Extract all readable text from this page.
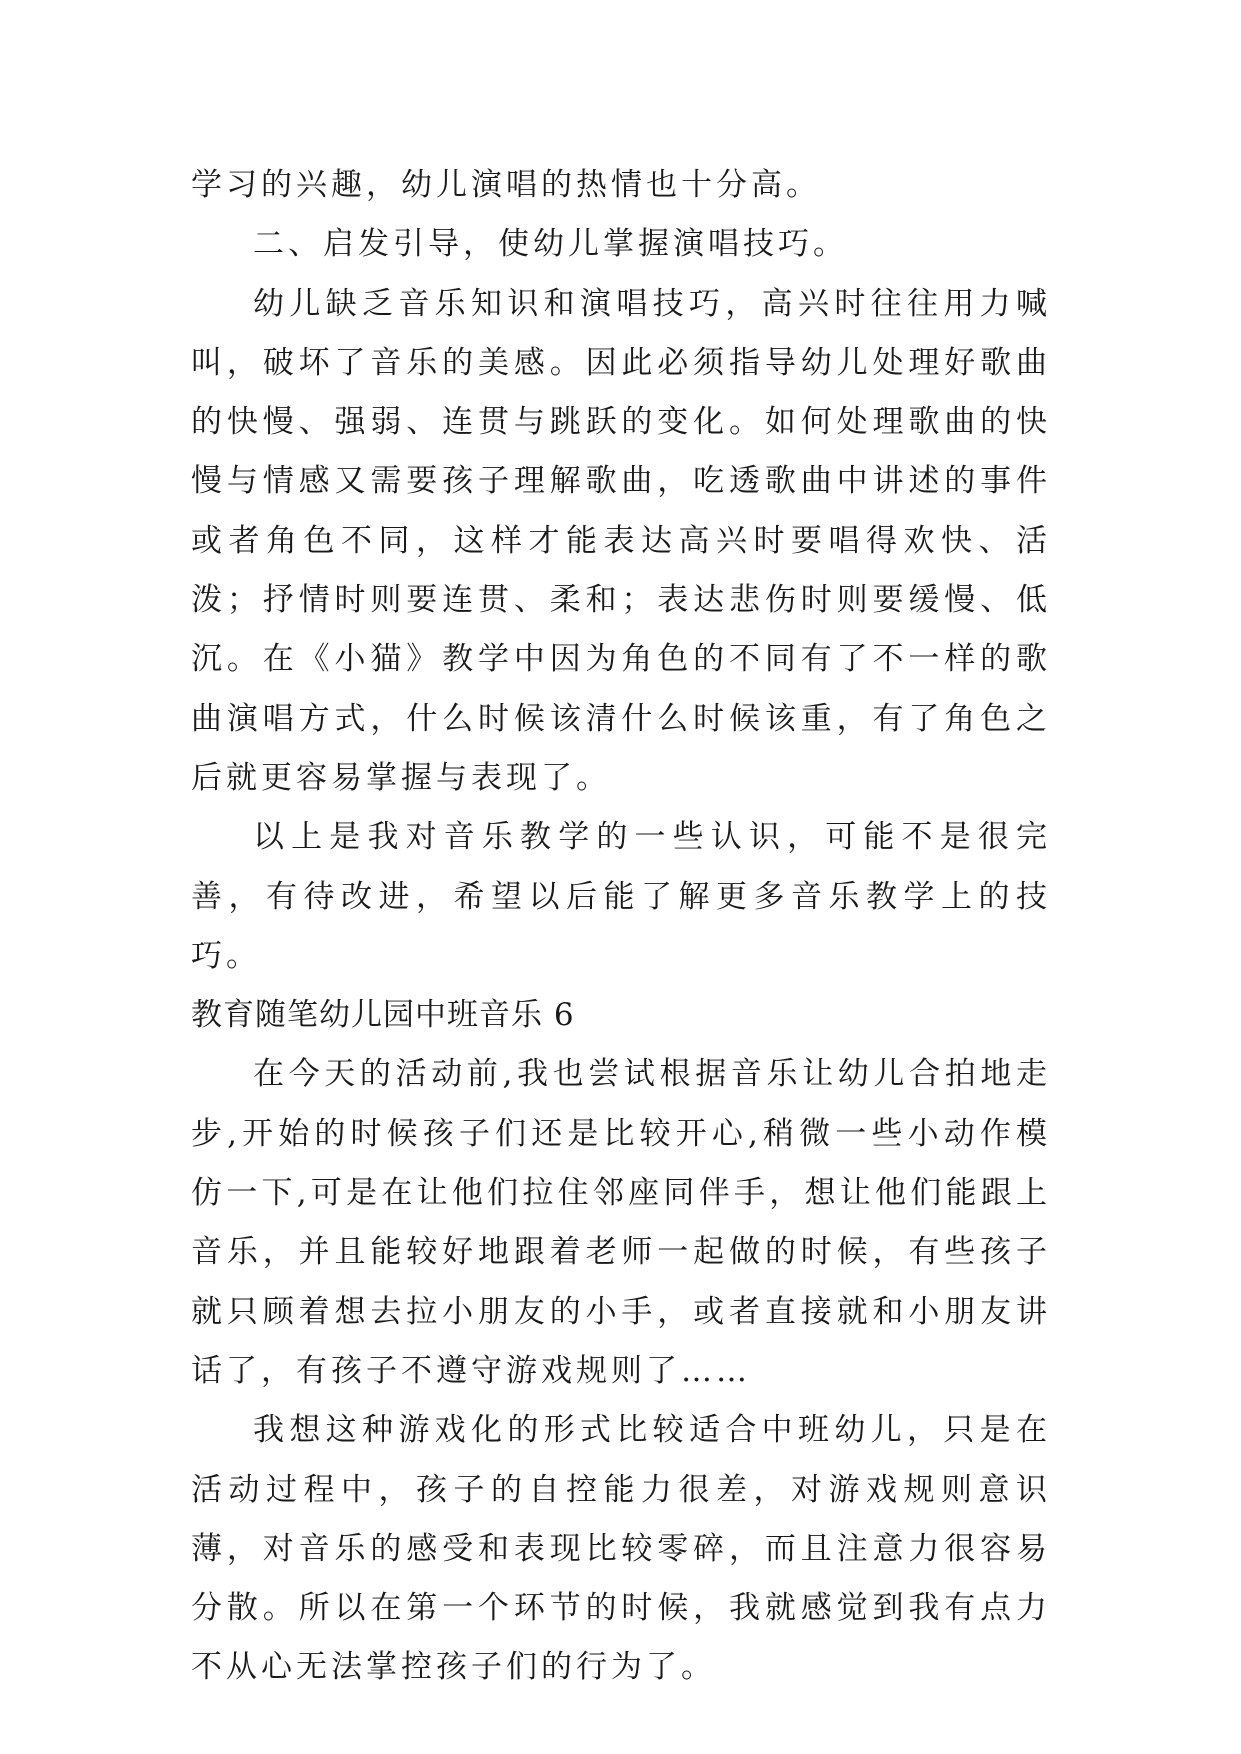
学习的兴趣，幼儿演唱的热情也十分高。

二、启发引导，使幼儿掌握演唱技巧。

幼儿缺乏音乐知识和演唱技巧，高兴时往往用力喊叫，破坏了音乐的美感。因此必须指导幼儿处理好歌曲的快慢、强弱、连贯与跳跃的变化。如何处理歌曲的快慢与情感又需要孩子理解歌曲，吃透歌曲中讲述的事件或者角色不同，这样才能表达高兴时要唱得欢快、活泼；抒情时则要连贯、柔和；表达悲伤时则要缓慢、低沉。在《小猫》教学中因为角色的不同有了不一样的歌曲演唱方式，什么时候该清什么时候该重，有了角色之后就更容易掌握与表现了。

以上是我对音乐教学的一些认识，可能不是很完善，有待改进，希望以后能了解更多音乐教学上的技巧。

教育随笔幼儿园中班音乐 6

在今天的活动前,我也尝试根据音乐让幼儿合拍地走步,开始的时候孩子们还是比较开心,稍微一些小动作模仿一下,可是在让他们拉住邻座同伴手，想让他们能跟上音乐，并且能较好地跟着老师一起做的时候，有些孩子就只顾着想去拉小朋友的小手，或者直接就和小朋友讲话了，有孩子不遵守游戏规则了……

我想这种游戏化的形式比较适合中班幼儿，只是在活动过程中，孩子的自控能力很差，对游戏规则意识薄，对音乐的感受和表现比较零碎，而且注意力很容易分散。所以在第一个环节的时候，我就感觉到我有点力不从心无法掌控孩子们的行为了。
